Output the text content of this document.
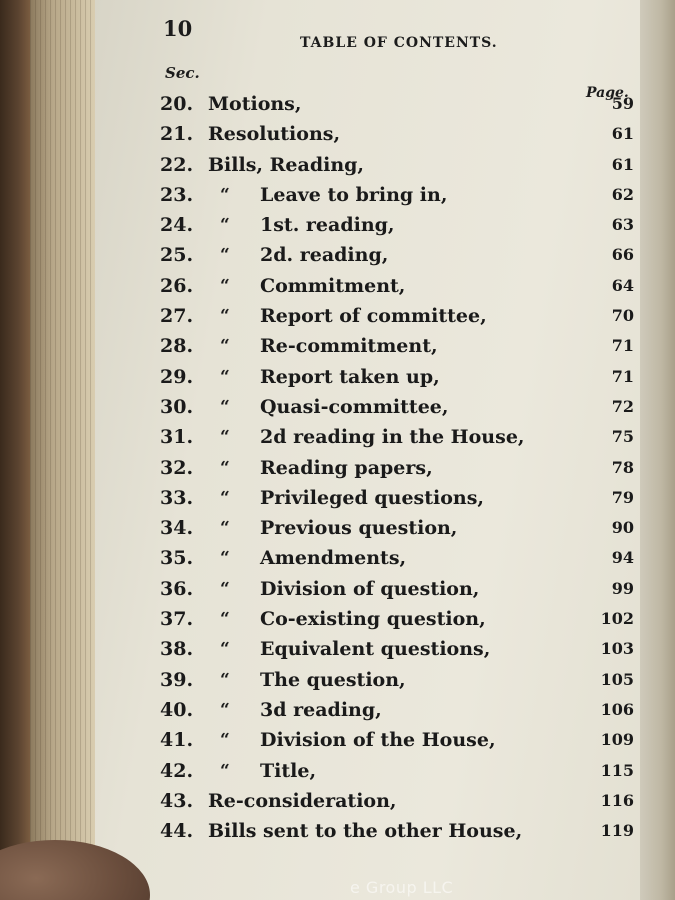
10
TABLE OF CONTENTS.
Sec.
Page.
20. Motions,	59
21. Resolutions,	61
22. Bills, Reading,	61
23. “ Leave to bring in,	62
24. “ 1st. reading,	63
25. “ 2d. reading,	66
26. “ Commitment,	64
27. “ Report of committee,	70
28. “ Re-commitment,	71
29. “ Report taken up,	71
30. “ Quasi-committee,	72
31. “ 2d reading in the House,	75
32. “ Reading papers,	78
33. “ Privileged questions,	79
34. “ Previous question,	90
35. “ Amendments,	94
36. “ Division of question,	99
37. “ Co-existing question,	102
38. “ Equivalent questions,	103
39. “ The question,	105
40. “ 3d reading,	106
41. “ Division of the House,	109
42. “ Title,	115
43. Re-consideration,	116
44. Bills sent to the other House,	119
e Group LLC
